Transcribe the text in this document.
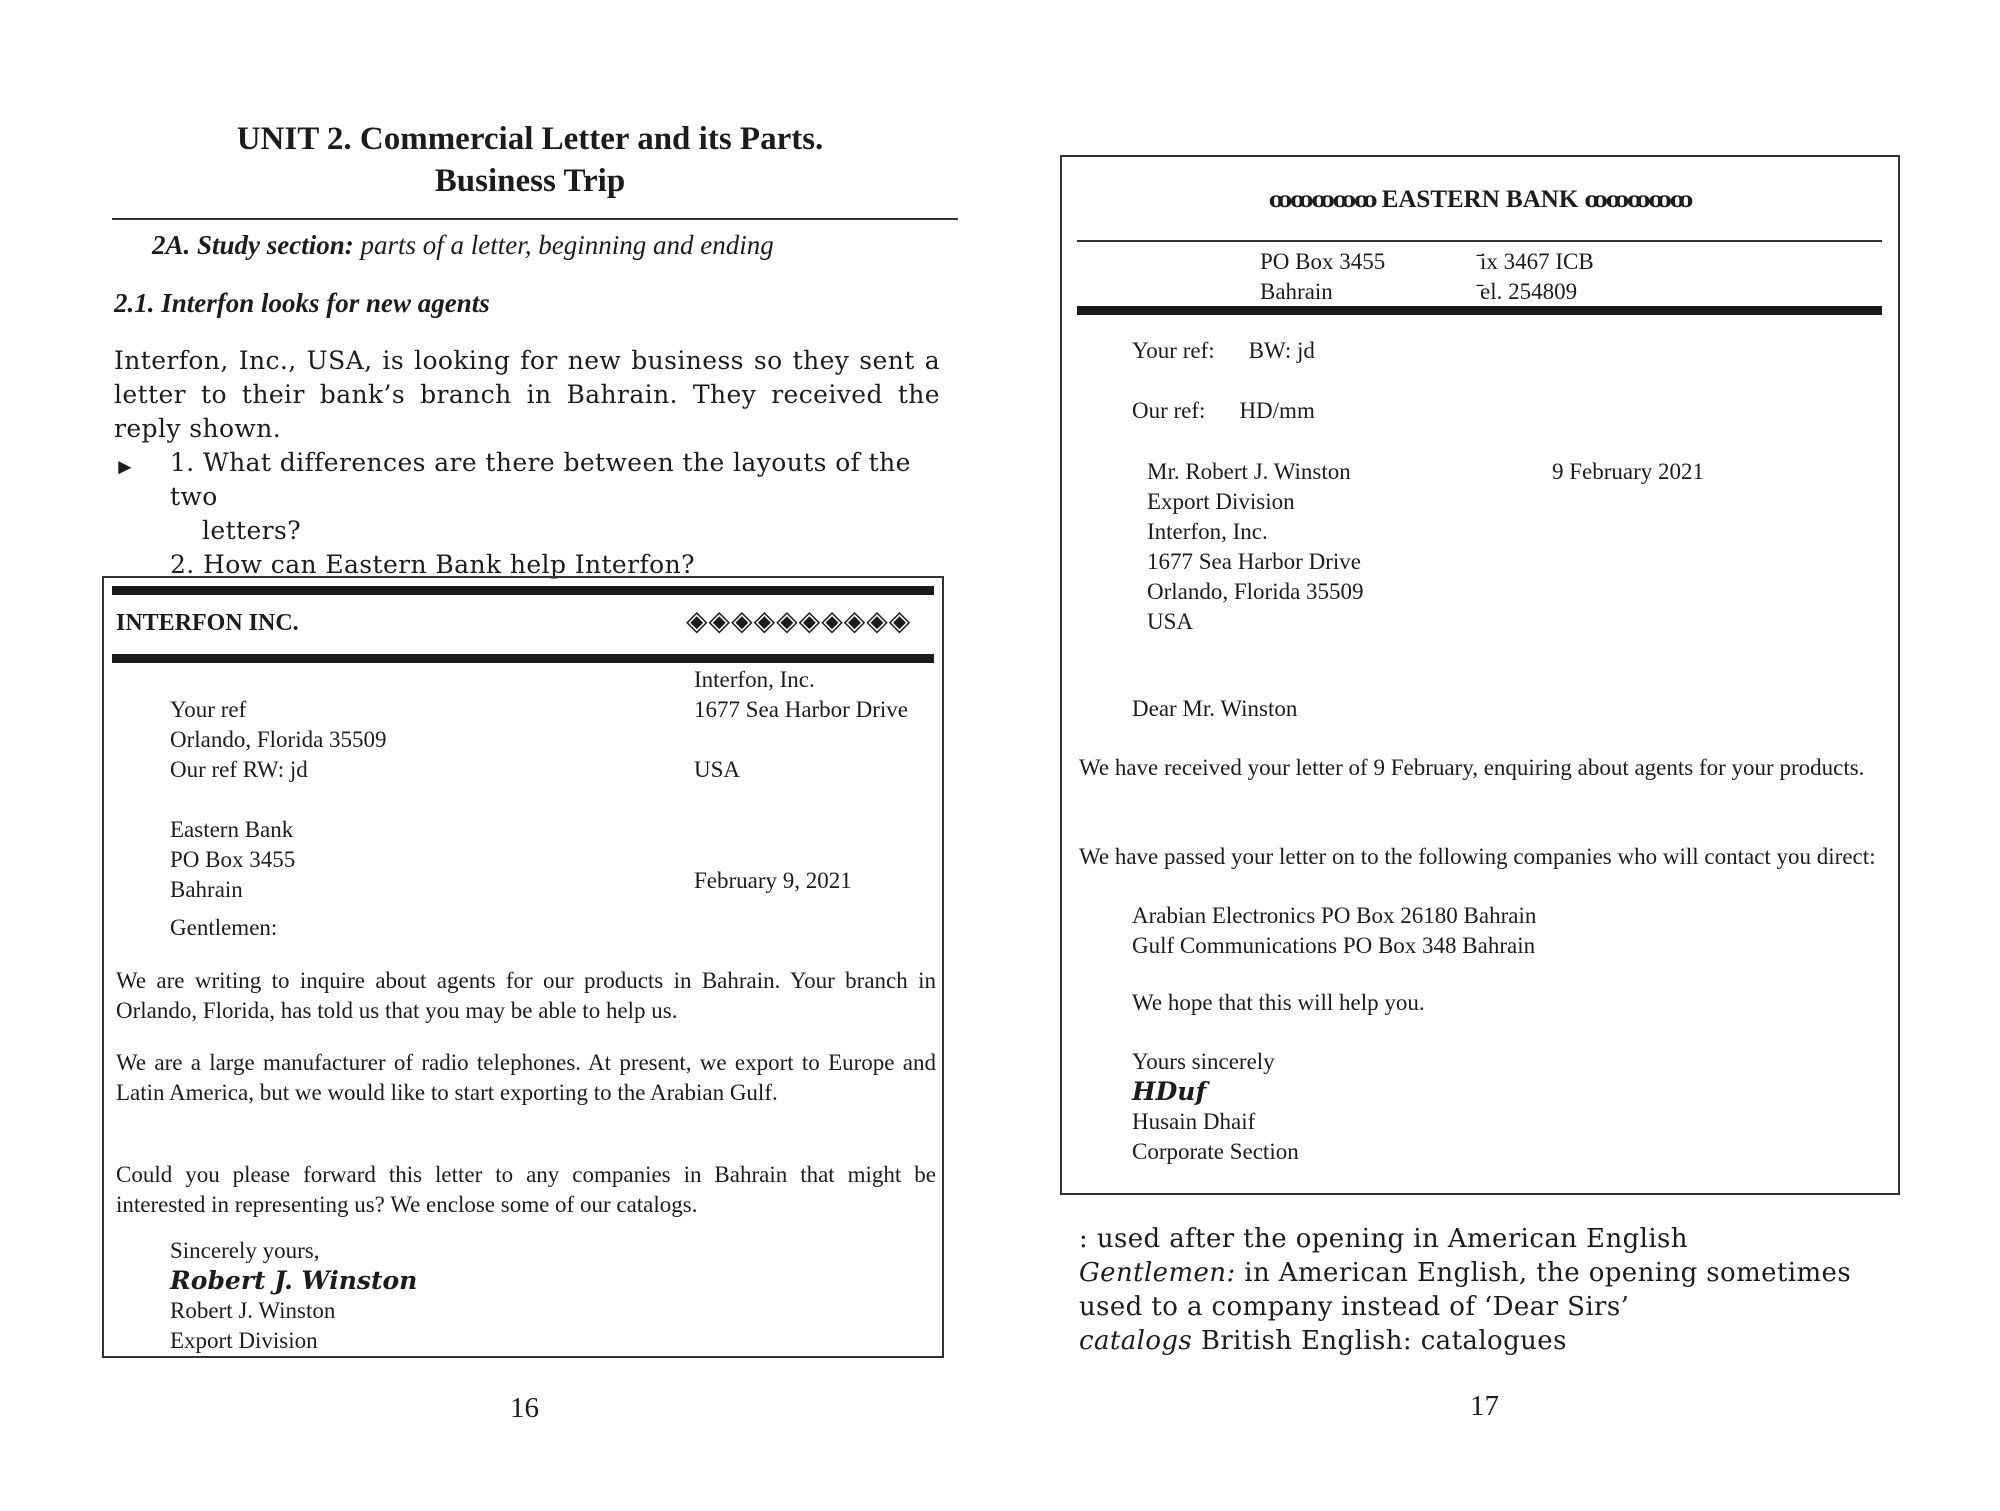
UNIT 2. Commercial Letter and its Parts.
Business Trip
2A. Study section: parts of a letter, beginning and ending
2.1. Interfon looks for new agents
Interfon, Inc., USA, is looking for new business so they sent a letter to their bank’s branch in Bahrain. They received the reply shown.
► 1. What differences are there between the layouts of the two
letters?
2. How can Eastern Bank help Interfon?
INTERFON INC.	◈◈◈◈◈◈◈◈◈◈
Your ref
Orlando, Florida 35509
Our ref RW: jd
Eastern Bank
PO Box 3455
Bahrain
Interfon, Inc.
1677 Sea Harbor Drive
USA
February 9, 2021
Gentlemen:
We are writing to inquire about agents for our products in Bahrain. Your branch in Orlando, Florida, has told us that you may be able to help us.
We are a large manufacturer of radio telephones. At present, we export to Europe and Latin America, but we would like to start exporting to the Arabian Gulf.
Could you please forward this letter to any companies in Bahrain that might be interested in representing us? We enclose some of our catalogs.
Sincerely yours,
Robert J. Winston
Robert J. Winston
Export Division
16
ꝏꝏꝏꝏꝏ EASTERN BANK ꝏꝏꝏꝏꝏ
PO Box 3455
Bahrain
̄ix 3467 ICB
̄el. 254809
Your ref: BW: jd
Our ref: HD/mm
Mr. Robert J. Winston
Export Division
Interfon, Inc.
1677 Sea Harbor Drive
Orlando, Florida 35509
USA
9 February 2021
Dear Mr. Winston
We have received your letter of 9 February, enquiring about agents for your products.
We have passed your letter on to the following companies who will contact you direct:
Arabian Electronics PO Box 26180 Bahrain
Gulf Communications PO Box 348 Bahrain
We hope that this will help you.
Yours sincerely
HDuf
Husain Dhaif
Corporate Section
: used after the opening in American English
Gentlemen: in American English, the opening sometimes used to a company instead of ‘Dear Sirs’
catalogs British English: catalogues
17
